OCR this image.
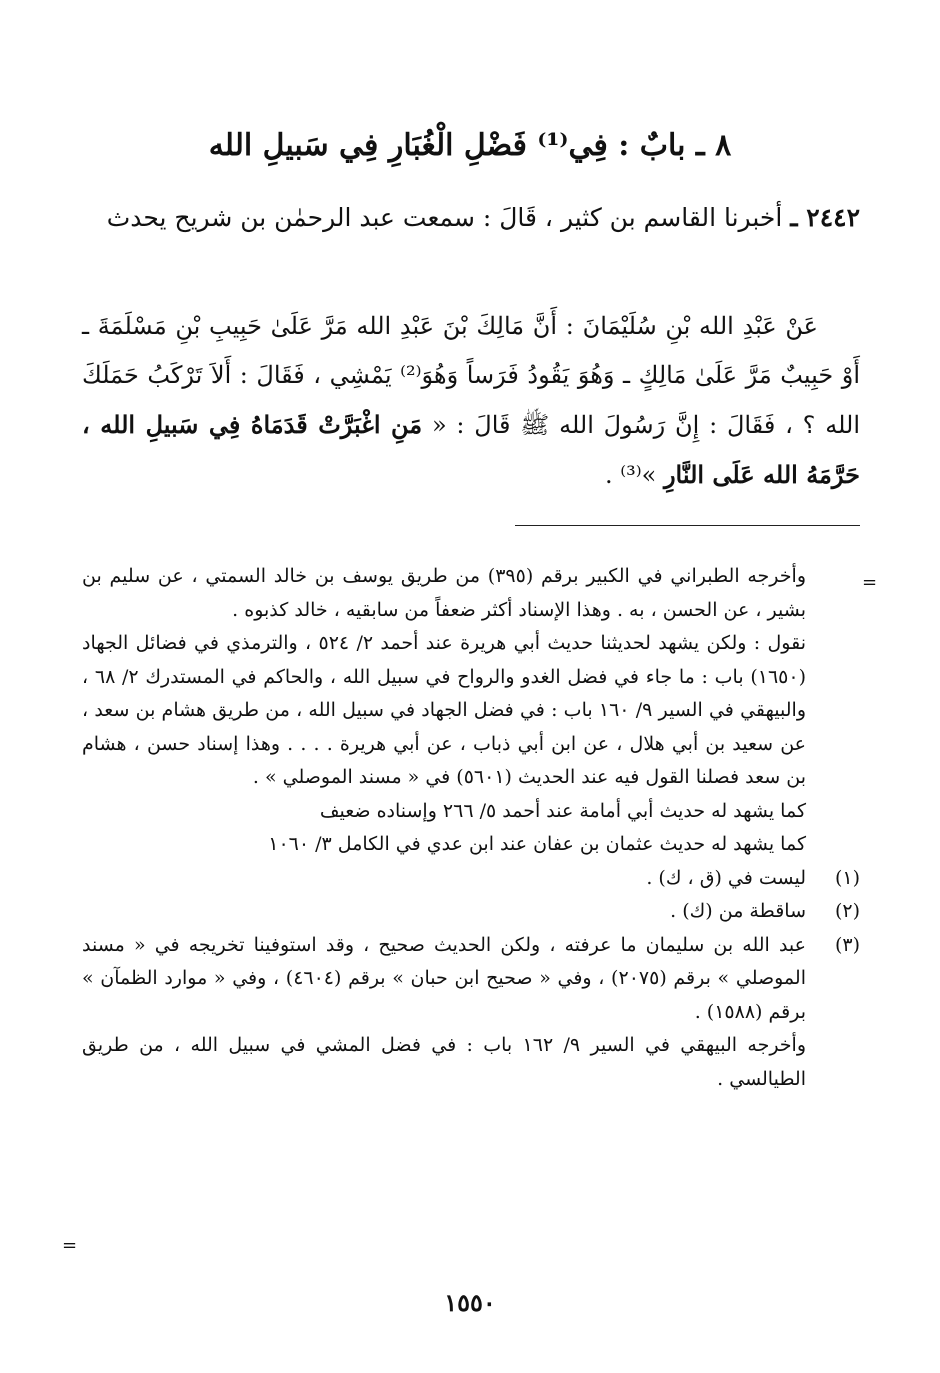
٨ ـ بابٌ : فِي⁽¹⁾ فَضْلِ الْغُبَارِ فِي سَبيلِ الله
٢٤٤٢ ـ أخبرنا القاسم بن كثير ، قَالَ : سمعت عبد الرحمٰن بن شريح يحدث
عَنْ عَبْدِ الله بْنِ سُلَيْمَانَ : أَنَّ مَالِكَ بْنَ عَبْدِ الله مَرَّ عَلَىٰ حَبِيبِ بْنِ مَسْلَمَةَ ـ أَوْ حَبِيبٌ مَرَّ عَلَىٰ مَالِكٍ ـ وَهُوَ يَقُودُ فَرَساً وَهُوَ⁽²⁾ يَمْشِي ، فَقَالَ : أَلاَ تَرْكَبُ حَمَلَكَ الله ؟ ، فَقَالَ : إِنَّ رَسُولَ الله ﷺ قَالَ : « مَنِ اغْبَرَّتْ قَدَمَاهُ فِي سَبيلِ الله ، حَرَّمَهُ الله عَلَى النَّارِ »⁽³⁾ .
=

وأخرجه الطبراني في الكبير برقم (٣٩٥) من طريق يوسف بن خالد السمتي ، عن سليم بن بشير ، عن الحسن ، به . وهذا الإسناد أكثر ضعفاً من سابقيه ، خالد كذبوه .

نقول : ولكن يشهد لحديثنا حديث أبي هريرة عند أحمد ٢/ ٥٢٤ ، والترمذي في فضائل الجهاد (١٦٥٠) باب : ما جاء في فضل الغدو والرواح في سبيل الله ، والحاكم في المستدرك ٢/ ٦٨ ، والبيهقي في السير ٩/ ١٦٠ باب : في فضل الجهاد في سبيل الله ، من طريق هشام بن سعد ، عن سعيد بن أبي هلال ، عن ابن أبي ذباب ، عن أبي هريرة . . . . وهذا إسناد حسن ، هشام بن سعد فصلنا القول فيه عند الحديث (٥٦٠١) في « مسند الموصلي » .

كما يشهد له حديث أبي أمامة عند أحمد ٥/ ٢٦٦ وإسناده ضعيف

كما يشهد له حديث عثمان بن عفان عند ابن عدي في الكامل ٣/ ١٠٦٠

(١)
ليست في (ق ، ك) .
(٢)
ساقطة من (ك) .
(٣)
عبد الله بن سليمان ما عرفته ، ولكن الحديث صحيح ، وقد استوفينا تخريجه في « مسند الموصلي » برقم (٢٠٧٥) ، وفي « صحيح ابن حبان » برقم (٤٦٠٤) ، وفي « موارد الظمآن » برقم (١٥٨٨) .

وأخرجه البيهقي في السير ٩/ ١٦٢ باب : في فضل المشي في سبيل الله ، من طريق الطيالسي .

=
١٥٥٠
